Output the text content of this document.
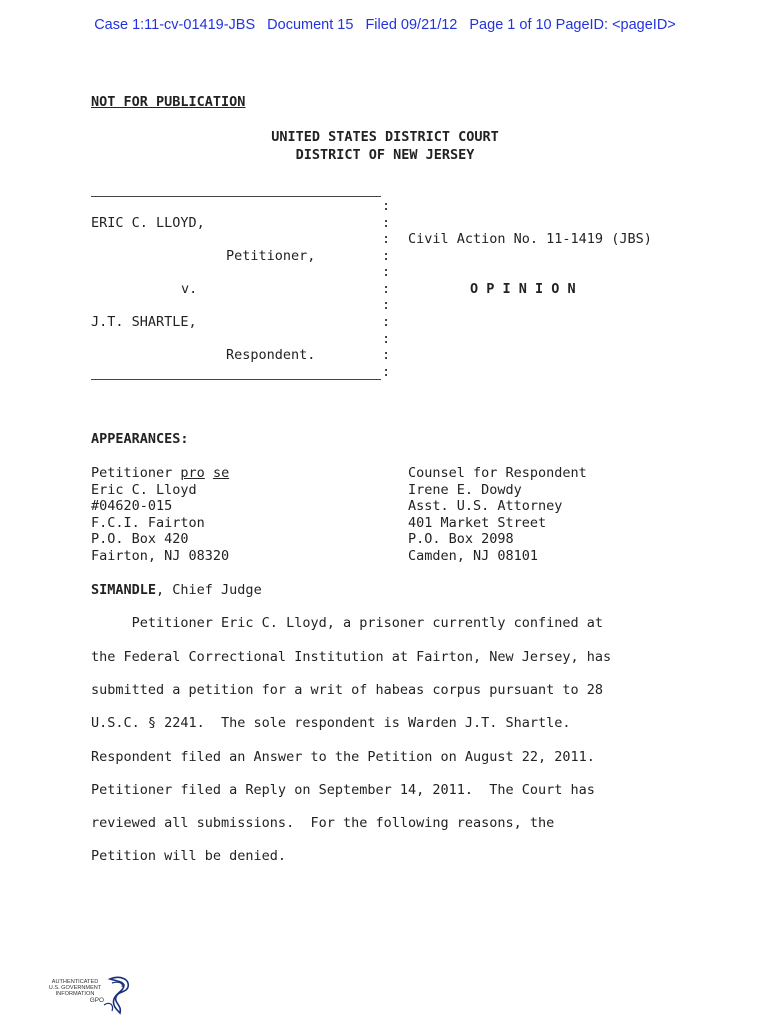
Case 1:11-cv-01419-JBS Document 15 Filed 09/21/12 Page 1 of 10 PageID: <pageID>
NOT FOR PUBLICATION
UNITED STATES DISTRICT COURT
DISTRICT OF NEW JERSEY
:
:
:
:
:
:
:
:
:
:
:
ERIC C. LLOYD,
Petitioner,
v.
J.T. SHARTLE,
Respondent.
Civil Action No. 11-1419 (JBS)
O P I N I O N
APPEARANCES:
Petitioner pro se
Eric C. Lloyd
#04620-015
F.C.I. Fairton
P.O. Box 420
Fairton, NJ 08320
Counsel for Respondent
Irene E. Dowdy
Asst. U.S. Attorney
401 Market Street
P.O. Box 2098
Camden, NJ 08101
SIMANDLE, Chief Judge
Petitioner Eric C. Lloyd, a prisoner currently confined at
the Federal Correctional Institution at Fairton, New Jersey, has
submitted a petition for a writ of habeas corpus pursuant to 28
U.S.C. § 2241.  The sole respondent is Warden J.T. Shartle.
Respondent filed an Answer to the Petition on August 22, 2011.
Petitioner filed a Reply on September 14, 2011.  The Court has
reviewed all submissions.  For the following reasons, the
Petition will be denied.
AUTHENTICATED
U.S. GOVERNMENT
INFORMATION
GPO
